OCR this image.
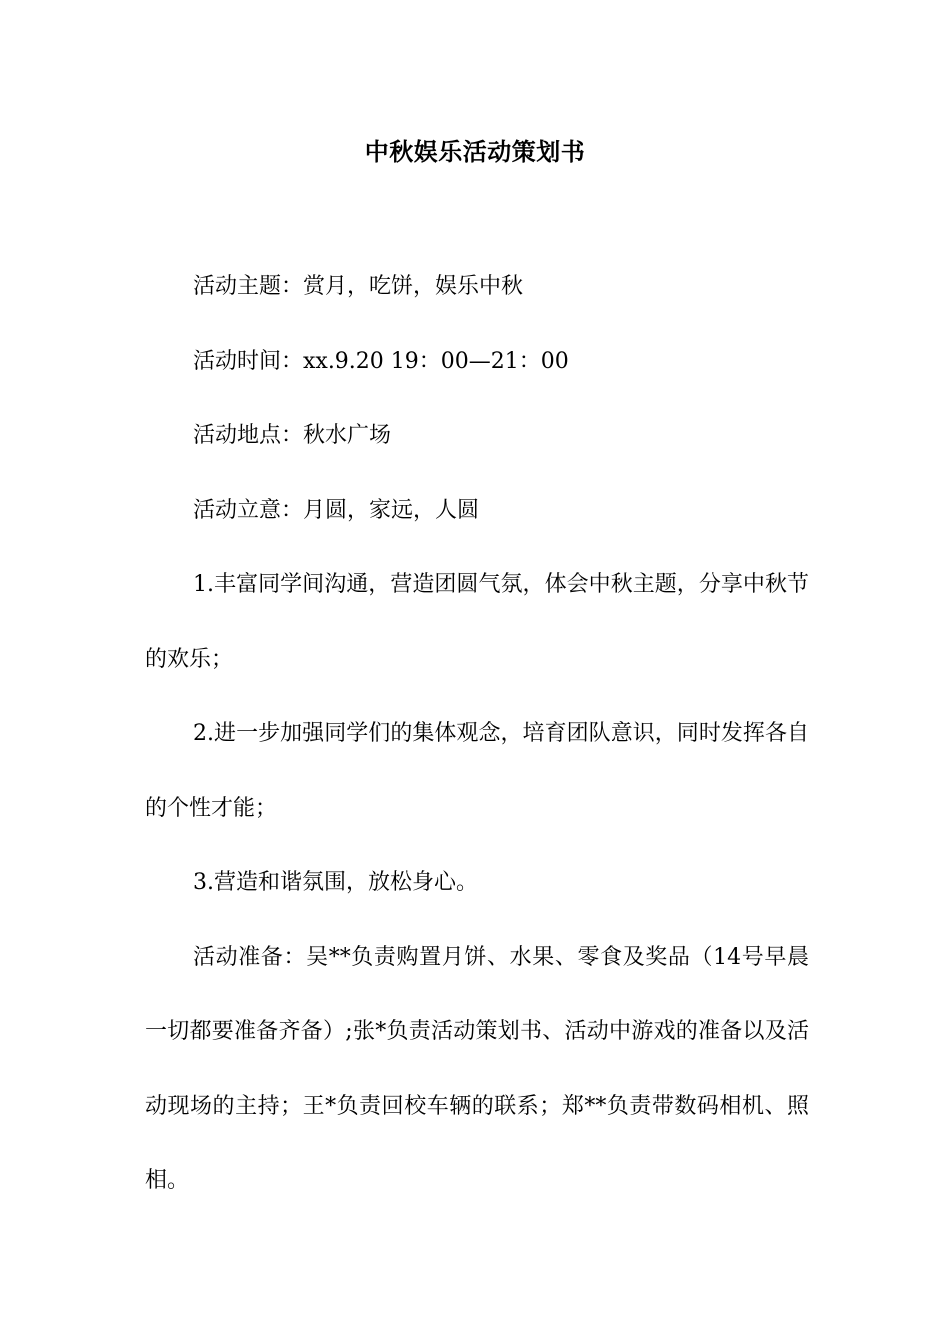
中秋娱乐活动策划书

活动主题：赏月，吃饼，娱乐中秋

活动时间：xx.9.20 19：00—21：00

活动地点：秋水广场

活动立意：月圆，家远，人圆

1.丰富同学间沟通，营造团圆气氛，体会中秋主题，分享中秋节的欢乐；

2.进一步加强同学们的集体观念，培育团队意识，同时发挥各自的个性才能；

3.营造和谐氛围，放松身心。

活动准备：吴**负责购置月饼、水果、零食及奖品（14号早晨一切都要准备齐备）;张*负责活动策划书、活动中游戏的准备以及活动现场的主持；王*负责回校车辆的联系；郑**负责带数码相机、照相。
